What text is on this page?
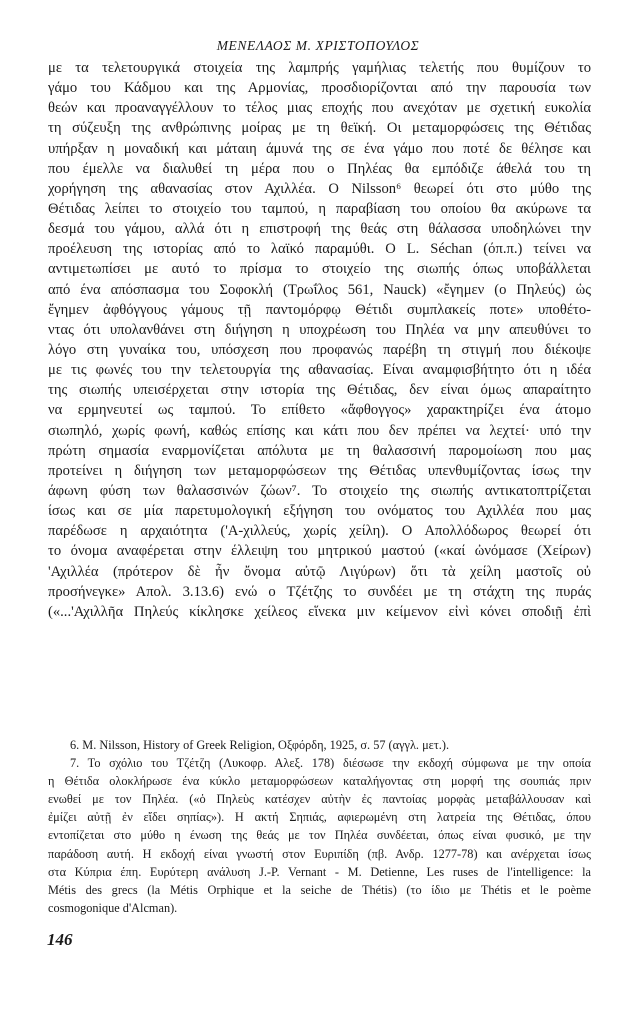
ΜΕΝΕΛΑΟΣ Μ. ΧΡΙΣΤΟΠΟΥΛΟΣ
με τα τελετουργικά στοιχεία της λαμπρής γαμήλιας τελετής που θυμίζουν το
γάμο του Κάδμου και της Αρμονίας, προσδιορίζονται από την παρουσία των
θεών και προαναγγέλλουν το τέλος μιας εποχής που ανεχόταν με σχετική ευκολία
τη σύζευξη της ανθρώπινης μοίρας με τη θεϊκή. Οι μεταμορφώσεις της Θέτιδας
υπήρξαν η μοναδική και μάταιη άμυνά της σε ένα γάμο που ποτέ δε θέλησε και
που έμελλε να διαλυθεί τη μέρα που ο Πηλέας θα εμπόδιζε άθελά του τη
χορήγηση της αθανασίας στον Αχιλλέα. Ο Nilsson⁶ θεωρεί ότι στο μύθο της
Θέτιδας λείπει το στοιχείο του ταμπού, η παραβίαση του οποίου θα ακύρωνε τα
δεσμά του γάμου, αλλά ότι η επιστροφή της θεάς στη θάλασσα υποδηλώνει την
προέλευση της ιστορίας από το λαϊκό παραμύθι. Ο L. Séchan (όπ.π.) τείνει να
αντιμετωπίσει με αυτό το πρίσμα το στοιχείο της σιωπής όπως υποβάλλεται
από ένα απόσπασμα του Σοφοκλή (Τρωΐλος 561, Nauck) «ἔγημεν (ο Πηλεύς) ὡς
ἔγημεν ἀφθόγγους γάμους τῇ παντομόρφῳ Θέτιδι συμπλακείς ποτε» υποθέτο-
ντας ότι υπολανθάνει στη διήγηση η υποχρέωση του Πηλέα να μην απευθύνει το
λόγο στη γυναίκα του, υπόσχεση που προφανώς παρέβη τη στιγμή που διέκοψε
με τις φωνές του την τελετουργία της αθανασίας. Είναι αναμφισβήτητο ότι η ιδέα
της σιωπής υπεισέρχεται στην ιστορία της Θέτιδας, δεν είναι όμως απαραίτητο
να ερμηνευτεί ως ταμπού. Το επίθετο «ἄφθογγος» χαρακτηρίζει ένα άτομο
σιωπηλό, χωρίς φωνή, καθώς επίσης και κάτι που δεν πρέπει να λεχτεί· υπό την
πρώτη σημασία εναρμονίζεται απόλυτα με τη θαλασσινή παρομοίωση που μας
προτείνει η διήγηση των μεταμορφώσεων της Θέτιδας υπενθυμίζοντας ίσως την
άφωνη φύση των θαλασσινών ζώων⁷. Το στοιχείο της σιωπής αντικατοπτρίζεται
ίσως και σε μία παρετυμολογική εξήγηση του ονόματος του Αχιλλέα που μας
παρέδωσε η αρχαιότητα ('Α-χιλλεύς, χωρίς χείλη). Ο Απολλόδωρος θεωρεί ότι
το όνομα αναφέρεται στην έλλειψη του μητρικού μαστού («καί ὠνόμασε (Χείρων)
'Αχιλλέα (πρότερον δὲ ἦν ὄνομα αὐτῷ Λιγύρων) ὅτι τὰ χείλη μαστοῖς οὐ
προσήνεγκε» Απολ. 3.13.6) ενώ ο Τζέτζης το συνδέει με τη στάχτη της πυράς
(«...'Αχιλλῆα Πηλεύς κίκλησκε χείλεος εἵνεκα μιν κείμενον εἰνὶ κόνει σποδιῇ ἐπὶ
6. M. Nilsson, History of Greek Religion, Οξφόρδη, 1925, σ. 57 (αγγλ. μετ.).
7. Το σχόλιο του Τζέτζη (Λυκοφρ. Αλεξ. 178) διέσωσε την εκδοχή σύμφωνα με την οποία
η Θέτιδα ολοκλήρωσε ένα κύκλο μεταμορφώσεων καταλήγοντας στη μορφή της σουπιάς πριν
ενωθεί με τον Πηλέα. («ὁ Πηλεὺς κατέσχεν αὐτὴν ἐς παντοίας μορφὰς μεταβάλλουσαν καὶ
ἐμίζει αὐτῇ ἐν εἴδει σηπίας»). Η ακτή Σηπιάς, αφιερωμένη στη λατρεία της Θέτιδας, όπου
εντοπίζεται στο μύθο η ένωση της θεάς με τον Πηλέα συνδέεται, όπως είναι φυσικό, με την
παράδοση αυτή. Η εκδοχή είναι γνωστή στον Ευριπίδη (πβ. Ανδρ. 1277-78) και ανέρχεται ίσως
στα Κύπρια έπη. Ευρύτερη ανάλυση J.-P. Vernant - M. Detienne, Les ruses de l'intelligence: la
Métis des grecs (la Métis Orphique et la seiche de Thétis) (το ίδιο με Thétis et le poème
cosmogonique d'Alcman).
146
